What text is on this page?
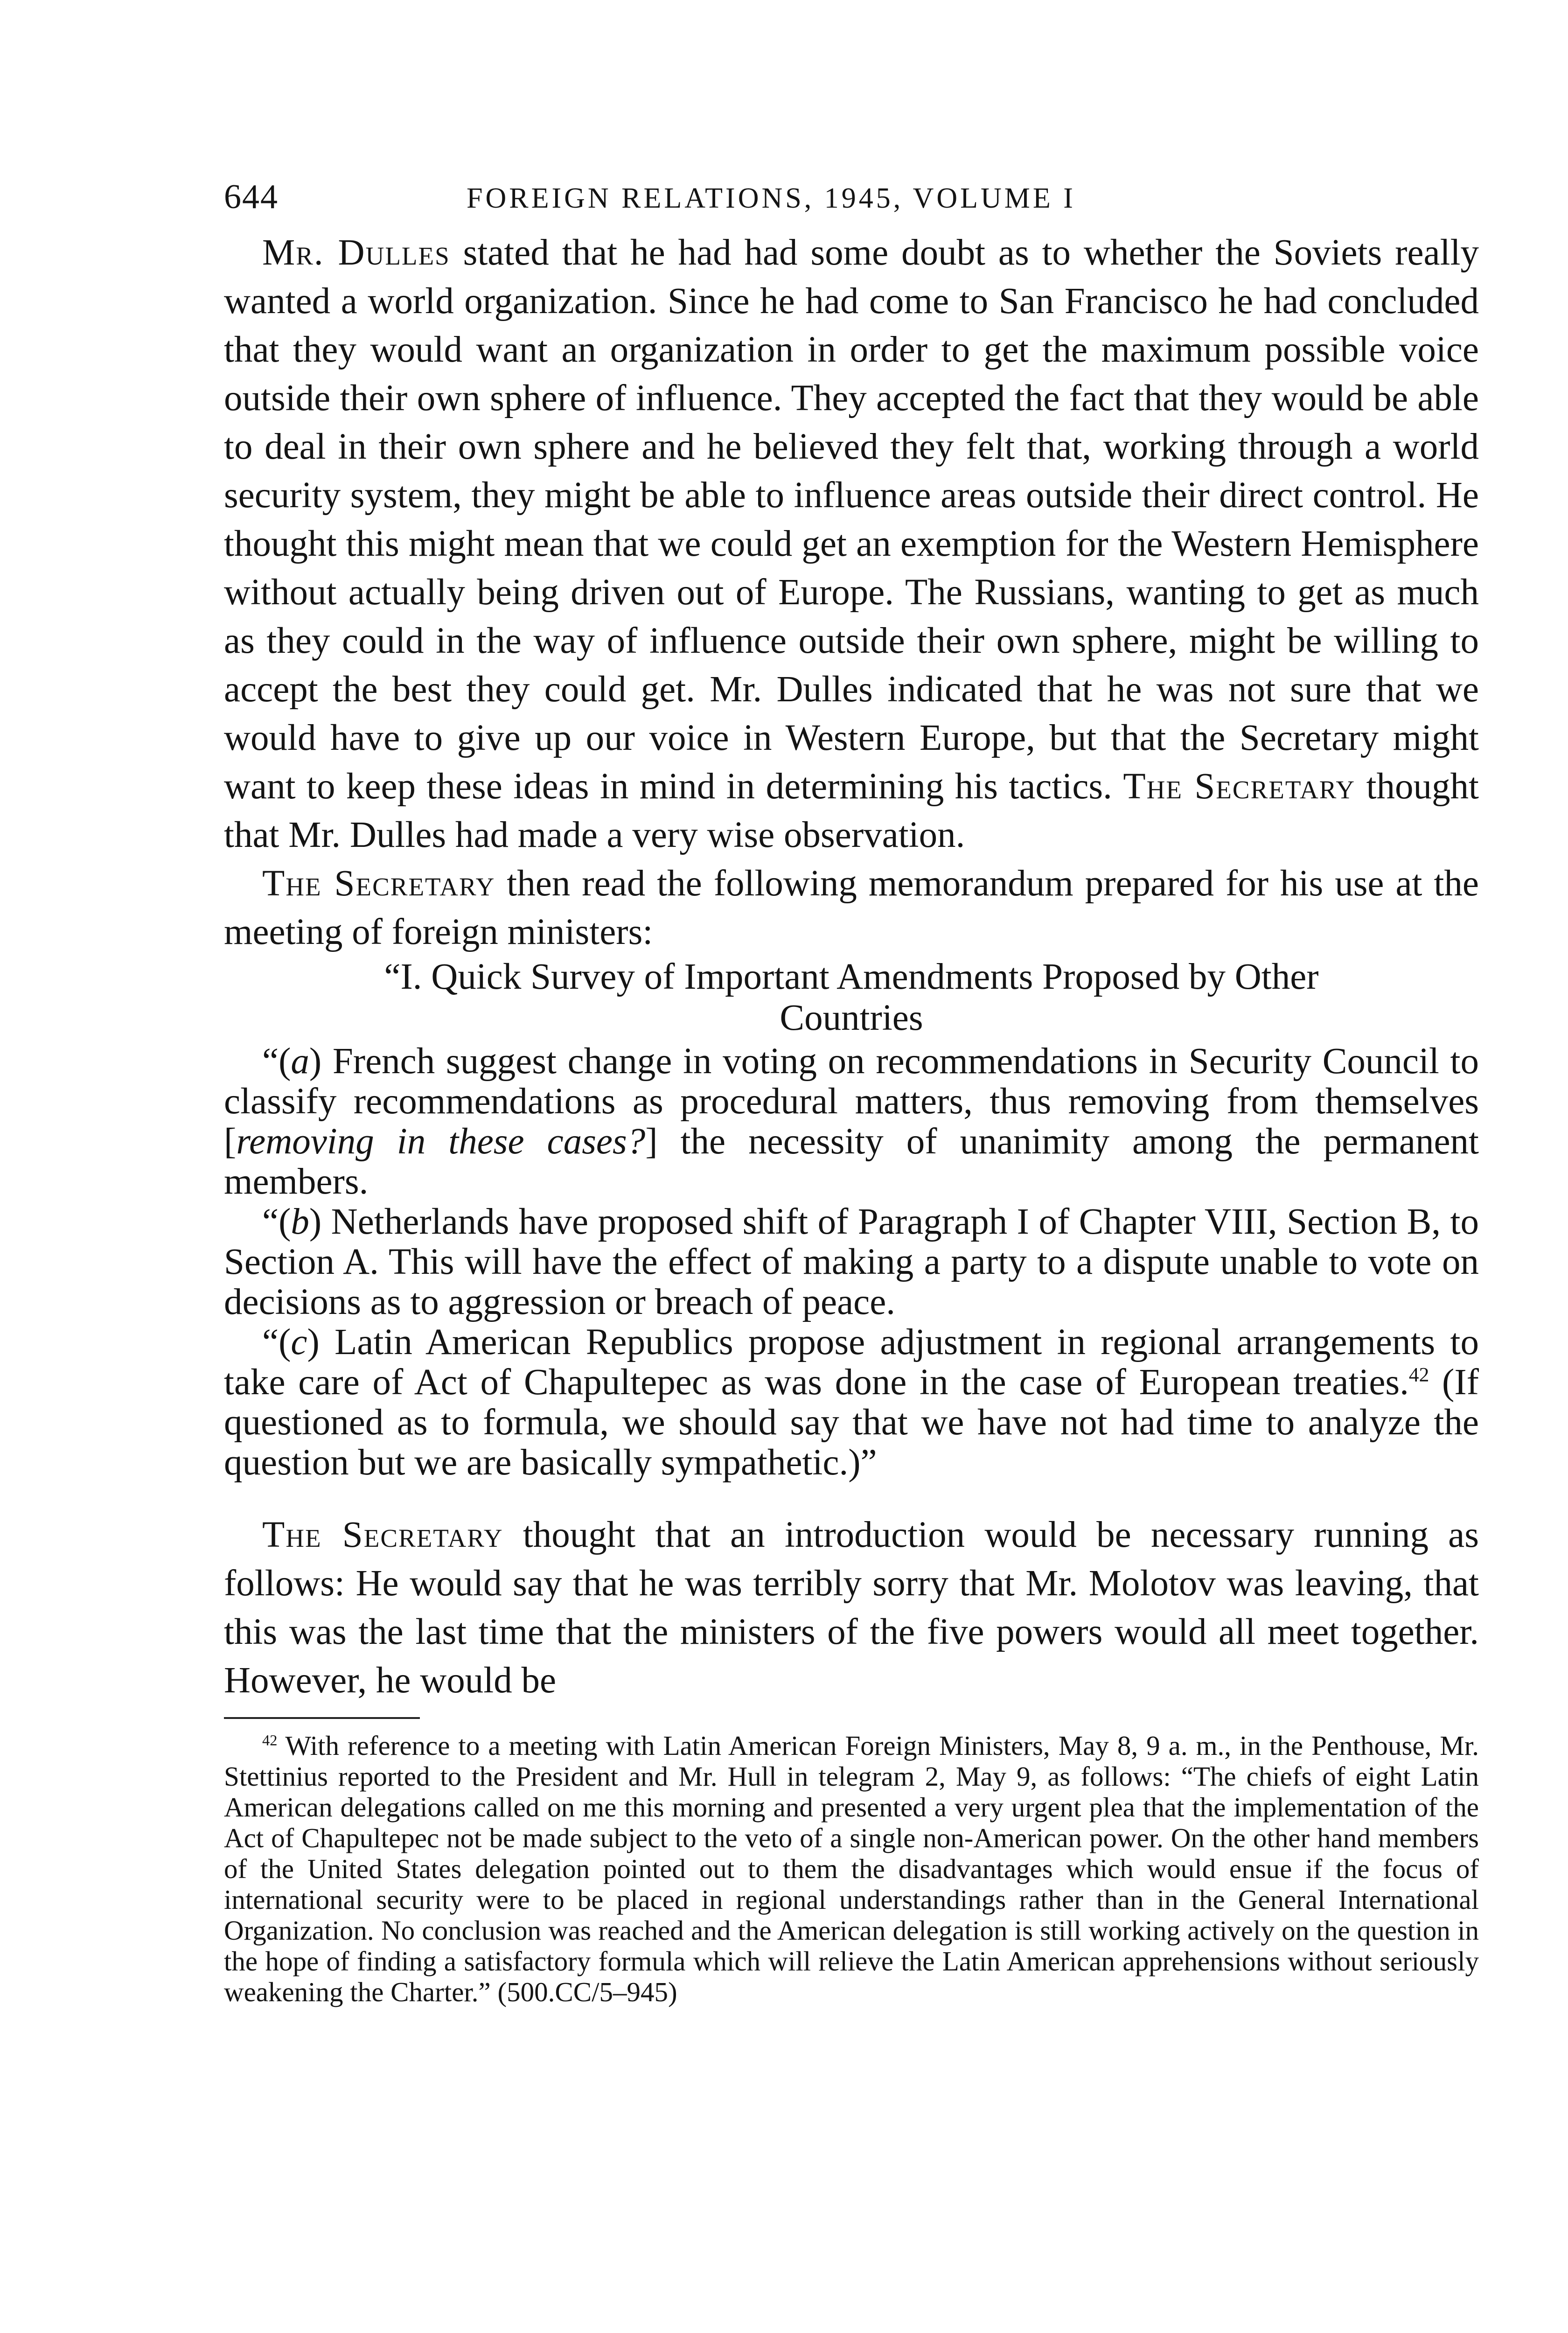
644	FOREIGN RELATIONS, 1945, VOLUME I

Mr. Dulles stated that he had had some doubt as to whether the Soviets really wanted a world organization. Since he had come to San Francisco he had concluded that they would want an organization in order to get the maximum possible voice outside their own sphere of influence. They accepted the fact that they would be able to deal in their own sphere and he believed they felt that, working through a world security system, they might be able to influence areas outside their direct control. He thought this might mean that we could get an exemption for the Western Hemisphere without actually being driven out of Europe. The Russians, wanting to get as much as they could in the way of influence outside their own sphere, might be willing to accept the best they could get. Mr. Dulles indicated that he was not sure that we would have to give up our voice in Western Europe, but that the Secretary might want to keep these ideas in mind in determining his tactics. The Secretary thought that Mr. Dulles had made a very wise observation.

The Secretary then read the following memorandum prepared for his use at the meeting of foreign ministers:

“I. Quick Survey of Important Amendments Proposed by Other
Countries

“(a) French suggest change in voting on recommendations in Security Council to classify recommendations as procedural matters, thus removing from themselves [removing in these cases?] the necessity of unanimity among the permanent members.

“(b) Netherlands have proposed shift of Paragraph I of Chapter VIII, Section B, to Section A. This will have the effect of making a party to a dispute unable to vote on decisions as to aggression or breach of peace.

“(c) Latin American Republics propose adjustment in regional arrangements to take care of Act of Chapultepec as was done in the case of European treaties.$^{42}$ (If questioned as to formula, we should say that we have not had time to analyze the question but we are basically sympathetic.)”

The Secretary thought that an introduction would be necessary running as follows: He would say that he was terribly sorry that Mr. Molotov was leaving, that this was the last time that the ministers of the five powers would all meet together. However, he would be

$^{42}$ With reference to a meeting with Latin American Foreign Ministers, May 8, 9 a. m., in the Penthouse, Mr. Stettinius reported to the President and Mr. Hull in telegram 2, May 9, as follows: “The chiefs of eight Latin American delegations called on me this morning and presented a very urgent plea that the implementation of the Act of Chapultepec not be made subject to the veto of a single non-American power. On the other hand members of the United States delegation pointed out to them the disadvantages which would ensue if the focus of international security were to be placed in regional understandings rather than in the General International Organization. No conclusion was reached and the American delegation is still working actively on the question in the hope of finding a satisfactory formula which will relieve the Latin American apprehensions without seriously weakening the Charter.” (500.CC/5–945)
